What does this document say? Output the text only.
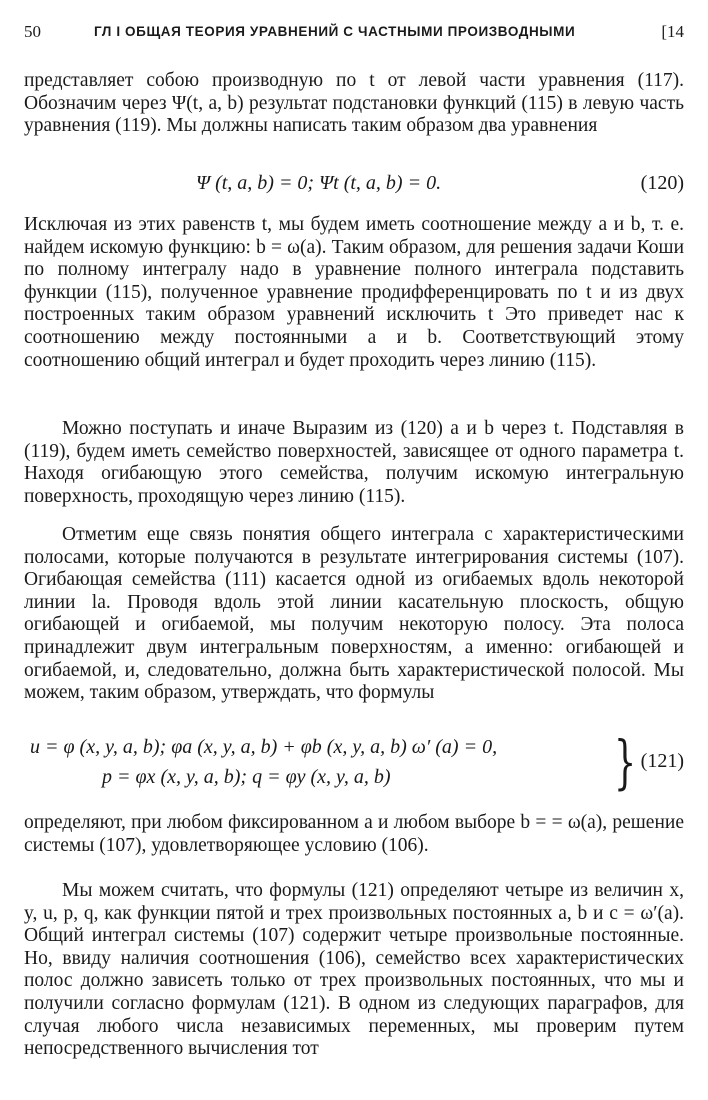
50	ГЛ I ОБЩАЯ ТЕОРИЯ УРАВНЕНИЙ С ЧАСТНЫМИ ПРОИЗВОДНЫМИ	[14

представляет собою производную по t от левой части уравнения (117). Обозначим через Ψ(t, a, b) результат подстановки функций (115) в левую часть уравнения (119). Мы должны написать таким образом два уравнения

Ψ (t, a, b) = 0; Ψt (t, a, b) = 0.	(120)

Исключая из этих равенств t, мы будем иметь соотношение между a и b, т. е. найдем искомую функцию: b = ω(a). Таким образом, для решения задачи Коши по полному интегралу надо в уравнение полного интеграла подставить функции (115), полученное уравнение продифференцировать по t и из двух построенных таким образом уравнений исключить t Это приведет нас к соотношению между постоянными a и b. Соответствующий этому соотношению общий интеграл и будет проходить через линию (115).

Можно поступать и иначе Выразим из (120) a и b через t. Подставляя в (119), будем иметь семейство поверхностей, зависящее от одного параметра t. Находя огибающую этого семейства, получим искомую интегральную поверхность, проходящую через линию (115).

Отметим еще связь понятия общего интеграла с характеристическими полосами, которые получаются в результате интегрирования системы (107). Огибающая семейства (111) касается одной из огибаемых вдоль некоторой линии la. Проводя вдоль этой линии касательную плоскость, общую огибающей и огибаемой, мы получим некоторую полосу. Эта полоса принадлежит двум интегральным поверхностям, а именно: огибающей и огибаемой, и, следовательно, должна быть характеристической полосой. Мы можем, таким образом, утверждать, что формулы

u = φ (x, y, a, b); φa (x, y, a, b) + φb (x, y, a, b) ω′ (a) = 0,
p = φx (x, y, a, b); q = φy (x, y, a, b)	} (121)

определяют, при любом фиксированном a и любом выборе b = = ω(a), решение системы (107), удовлетворяющее условию (106).

Мы можем считать, что формулы (121) определяют четыре из величин x, y, u, p, q, как функции пятой и трех произвольных постоянных a, b и c = ω′(a). Общий интеграл системы (107) содержит четыре произвольные постоянные. Но, ввиду наличия соотношения (106), семейство всех характеристических полос должно зависеть только от трех произвольных постоянных, что мы и получили согласно формулам (121). В одном из следующих параграфов, для случая любого числа независимых переменных, мы проверим путем непосредственного вычисления тот
